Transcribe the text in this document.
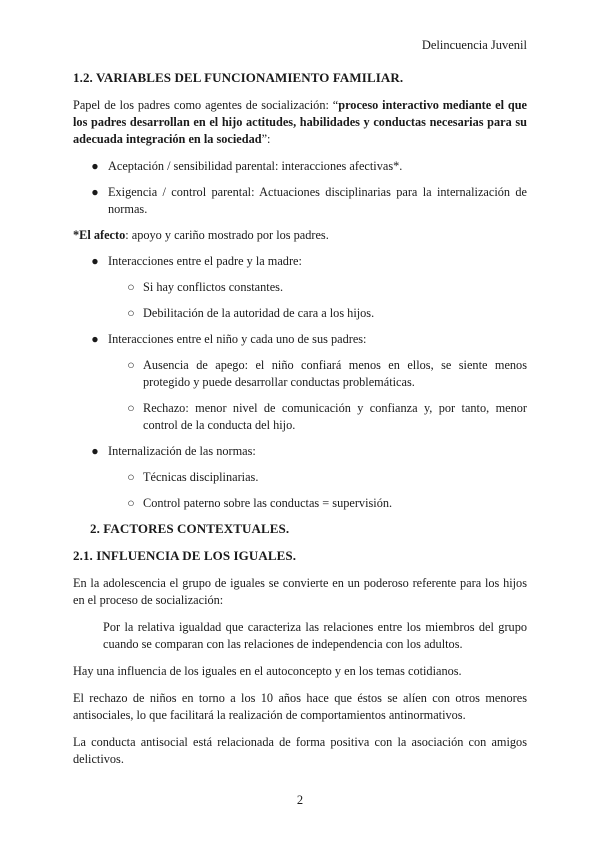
Delincuencia Juvenil
1.2. VARIABLES DEL FUNCIONAMIENTO FAMILIAR.

Papel de los padres como agentes de socialización: “proceso interactivo mediante el que los padres desarrollan en el hijo actitudes, habilidades y conductas necesarias para su adecuada integración en la sociedad”:

● Aceptación / sensibilidad parental: interacciones afectivas*.
● Exigencia / control parental: Actuaciones disciplinarias para la internalización de normas.

*El afecto: apoyo y cariño mostrado por los padres.

● Interacciones entre el padre y la madre:
○ Si hay conflictos constantes.
○ Debilitación de la autoridad de cara a los hijos.
● Interacciones entre el niño y cada uno de sus padres:
○ Ausencia de apego: el niño confiará menos en ellos, se siente menos protegido y puede desarrollar conductas problemáticas.
○ Rechazo: menor nivel de comunicación y confianza y, por tanto, menor control de la conducta del hijo.
● Internalización de las normas:
○ Técnicas disciplinarias.
○ Control paterno sobre las conductas = supervisión.
2. FACTORES CONTEXTUALES.
2.1. INFLUENCIA DE LOS IGUALES.

En la adolescencia el grupo de iguales se convierte en un poderoso referente para los hijos en el proceso de socialización:

Por la relativa igualdad que caracteriza las relaciones entre los miembros del grupo cuando se comparan con las relaciones de independencia con los adultos.

Hay una influencia de los iguales en el autoconcepto y en los temas cotidianos.

El rechazo de niños en torno a los 10 años hace que éstos se alíen con otros menores antisociales, lo que facilitará la realización de comportamientos antinormativos.

La conducta antisocial está relacionada de forma positiva con la asociación con amigos delictivos.

2
